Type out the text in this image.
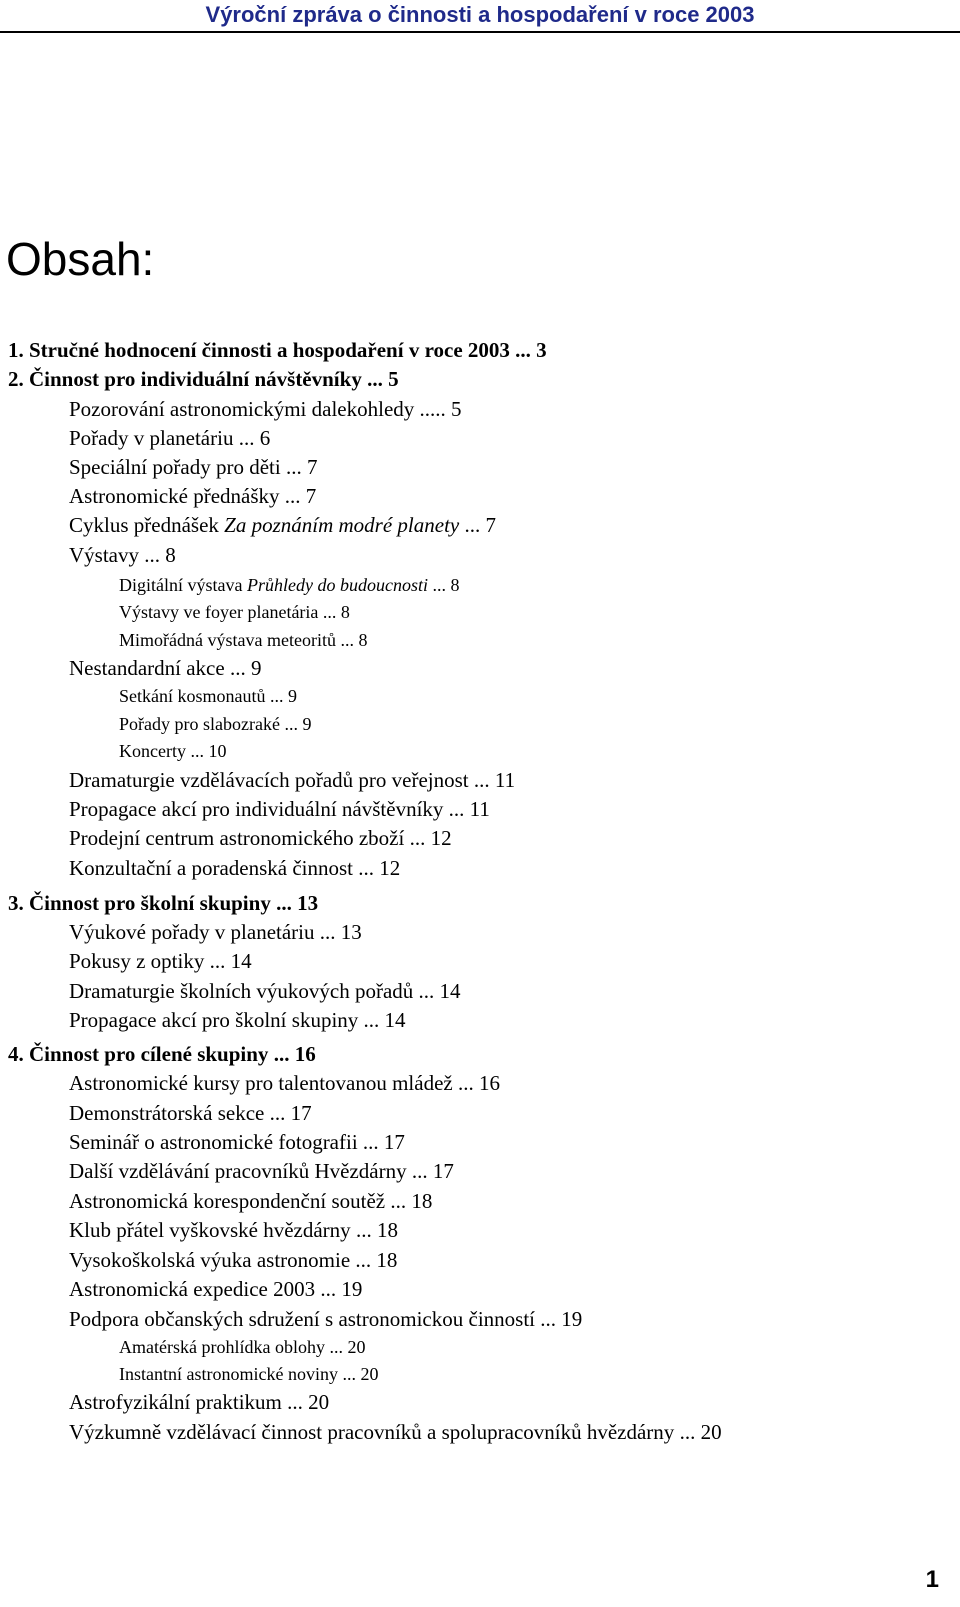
Výroční zpráva o činnosti a hospodaření v roce 2003
Obsah:
1. Stručné hodnocení činnosti a hospodaření v roce 2003 ... 3
2. Činnost pro individuální návštěvníky ... 5
Pozorování astronomickými dalekohledy ..... 5
Pořady v planetáriu ... 6
Speciální pořady pro děti ... 7
Astronomické přednášky ... 7
Cyklus přednášek Za poznáním modré planety ... 7
Výstavy ... 8
Digitální výstava Průhledy do budoucnosti ... 8
Výstavy ve foyer planetária ... 8
Mimořádná výstava meteoritů ... 8
Nestandardní akce ... 9
Setkání kosmonautů ... 9
Pořady pro slabozraké ... 9
Koncerty ... 10
Dramaturgie vzdělávacích pořadů pro veřejnost ... 11
Propagace akcí pro individuální návštěvníky ... 11
Prodejní centrum astronomického zboží ... 12
Konzultační a poradenská činnost ... 12
3. Činnost pro školní skupiny ... 13
Výukové pořady v planetáriu ... 13
Pokusy z optiky ... 14
Dramaturgie školních výukových pořadů ... 14
Propagace akcí pro školní skupiny ... 14
4. Činnost pro cílené skupiny ... 16
Astronomické kursy pro talentovanou mládež ... 16
Demonstrátorská sekce ... 17
Seminář o astronomické fotografii ... 17
Další vzdělávání pracovníků Hvězdárny ... 17
Astronomická korespondenční soutěž ... 18
Klub přátel vyškovské hvězdárny ... 18
Vysokoškolská výuka astronomie ... 18
Astronomická expedice 2003 ... 19
Podpora občanských sdružení s astronomickou činností ... 19
Amatérská prohlídka oblohy ... 20
Instantní astronomické noviny ... 20
Astrofyzikální praktikum ... 20
Výzkumně vzdělávací činnost pracovníků a spolupracovníků hvězdárny ... 20
1
